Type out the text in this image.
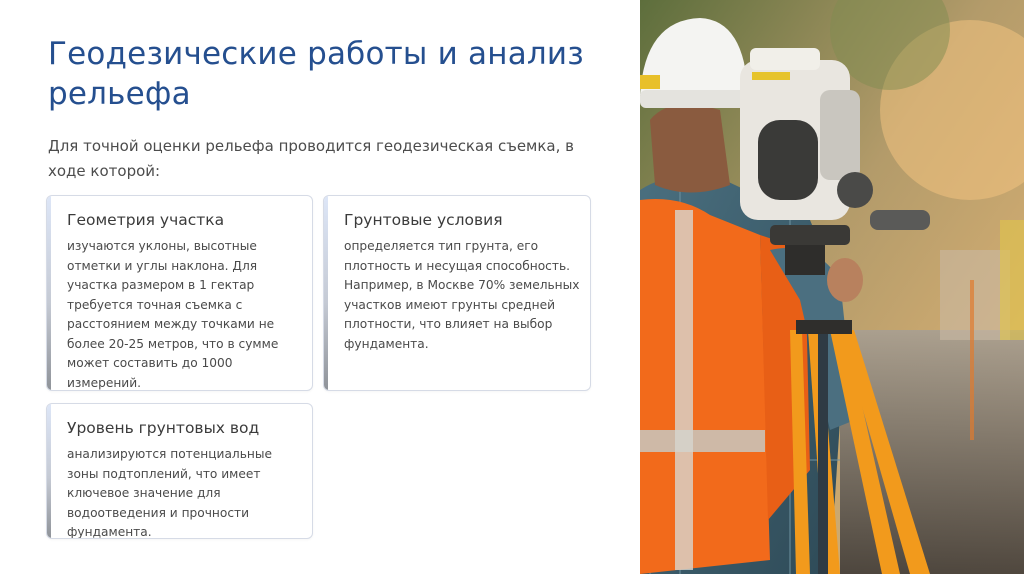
Геодезические работы и анализ рельефа

Для точной оценки рельефа проводится геодезическая съемка, в ходе которой:

Геометрия участка

изучаются уклоны, высотные отметки и углы наклона. Для участка размером в 1 гектар требуется точная съемка с расстоянием между точками не более 20-25 метров, что в сумме может составить до 1000 измерений.

Грунтовые условия

определяется тип грунта, его плотность и несущая способность. Например, в Москве 70% земельных участков имеют грунты средней плотности, что влияет на выбор фундамента.

Уровень грунтовых вод

анализируются потенциальные зоны подтоплений, что имеет ключевое значение для водоотведения и прочности фундамента.
